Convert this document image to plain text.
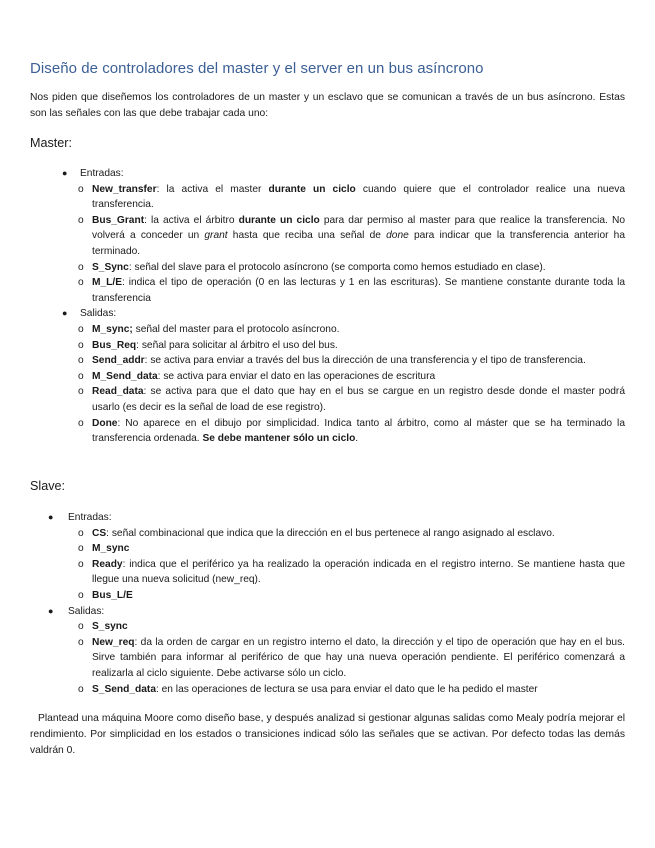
Diseño de controladores del master y el server en un bus asíncrono
Nos piden que diseñemos los controladores de un master y un esclavo que se comunican a través de un bus asíncrono. Estas son las señales con las que debe trabajar cada uno:
Master:
● Entradas:
o New_transfer: la activa el master durante un ciclo cuando quiere que el controlador realice una nueva transferencia.
o Bus_Grant: la activa el árbitro durante un ciclo para dar permiso al master para que realice la transferencia. No volverá a conceder un grant hasta que reciba una señal de done para indicar que la transferencia anterior ha terminado.
o S_Sync: señal del slave para el protocolo asíncrono (se comporta como hemos estudiado en clase).
o M_L/E: indica el tipo de operación (0 en las lecturas y 1 en las escrituras). Se mantiene constante durante toda la transferencia
● Salidas:
o M_sync; señal del master para el protocolo asíncrono.
o Bus_Req: señal para solicitar al árbitro el uso del bus.
o Send_addr: se activa para enviar a través del bus la dirección de una transferencia y el tipo de transferencia.
o M_Send_data: se activa para enviar el dato en las operaciones de escritura
o Read_data: se activa para que el dato que hay en el bus se cargue en un registro desde donde el master podrá usarlo (es decir es la señal de load de ese registro).
o Done: No aparece en el dibujo por simplicidad. Indica tanto al árbitro, como al máster que se ha terminado la transferencia ordenada. Se debe mantener sólo un ciclo.
Slave:
● Entradas:
o CS: señal combinacional que indica que la dirección en el bus pertenece al rango asignado al esclavo.
o M_sync
o Ready: indica que el periférico ya ha realizado la operación indicada en el registro interno. Se mantiene hasta que llegue una nueva solicitud (new_req).
o Bus_L/E
● Salidas:
o S_sync
o New_req: da la orden de cargar en un registro interno el dato, la dirección y el tipo de operación que hay en el bus. Sirve también para informar al periférico de que hay una nueva operación pendiente. El periférico comenzará a realizarla al ciclo siguiente. Debe activarse sólo un ciclo.
o S_Send_data: en las operaciones de lectura se usa para enviar el dato que le ha pedido el master
Plantead una máquina Moore como diseño base, y después analizad si gestionar algunas salidas como Mealy podría mejorar el rendimiento. Por simplicidad en los estados o transiciones indicad sólo las señales que se activan. Por defecto todas las demás valdrán 0.
